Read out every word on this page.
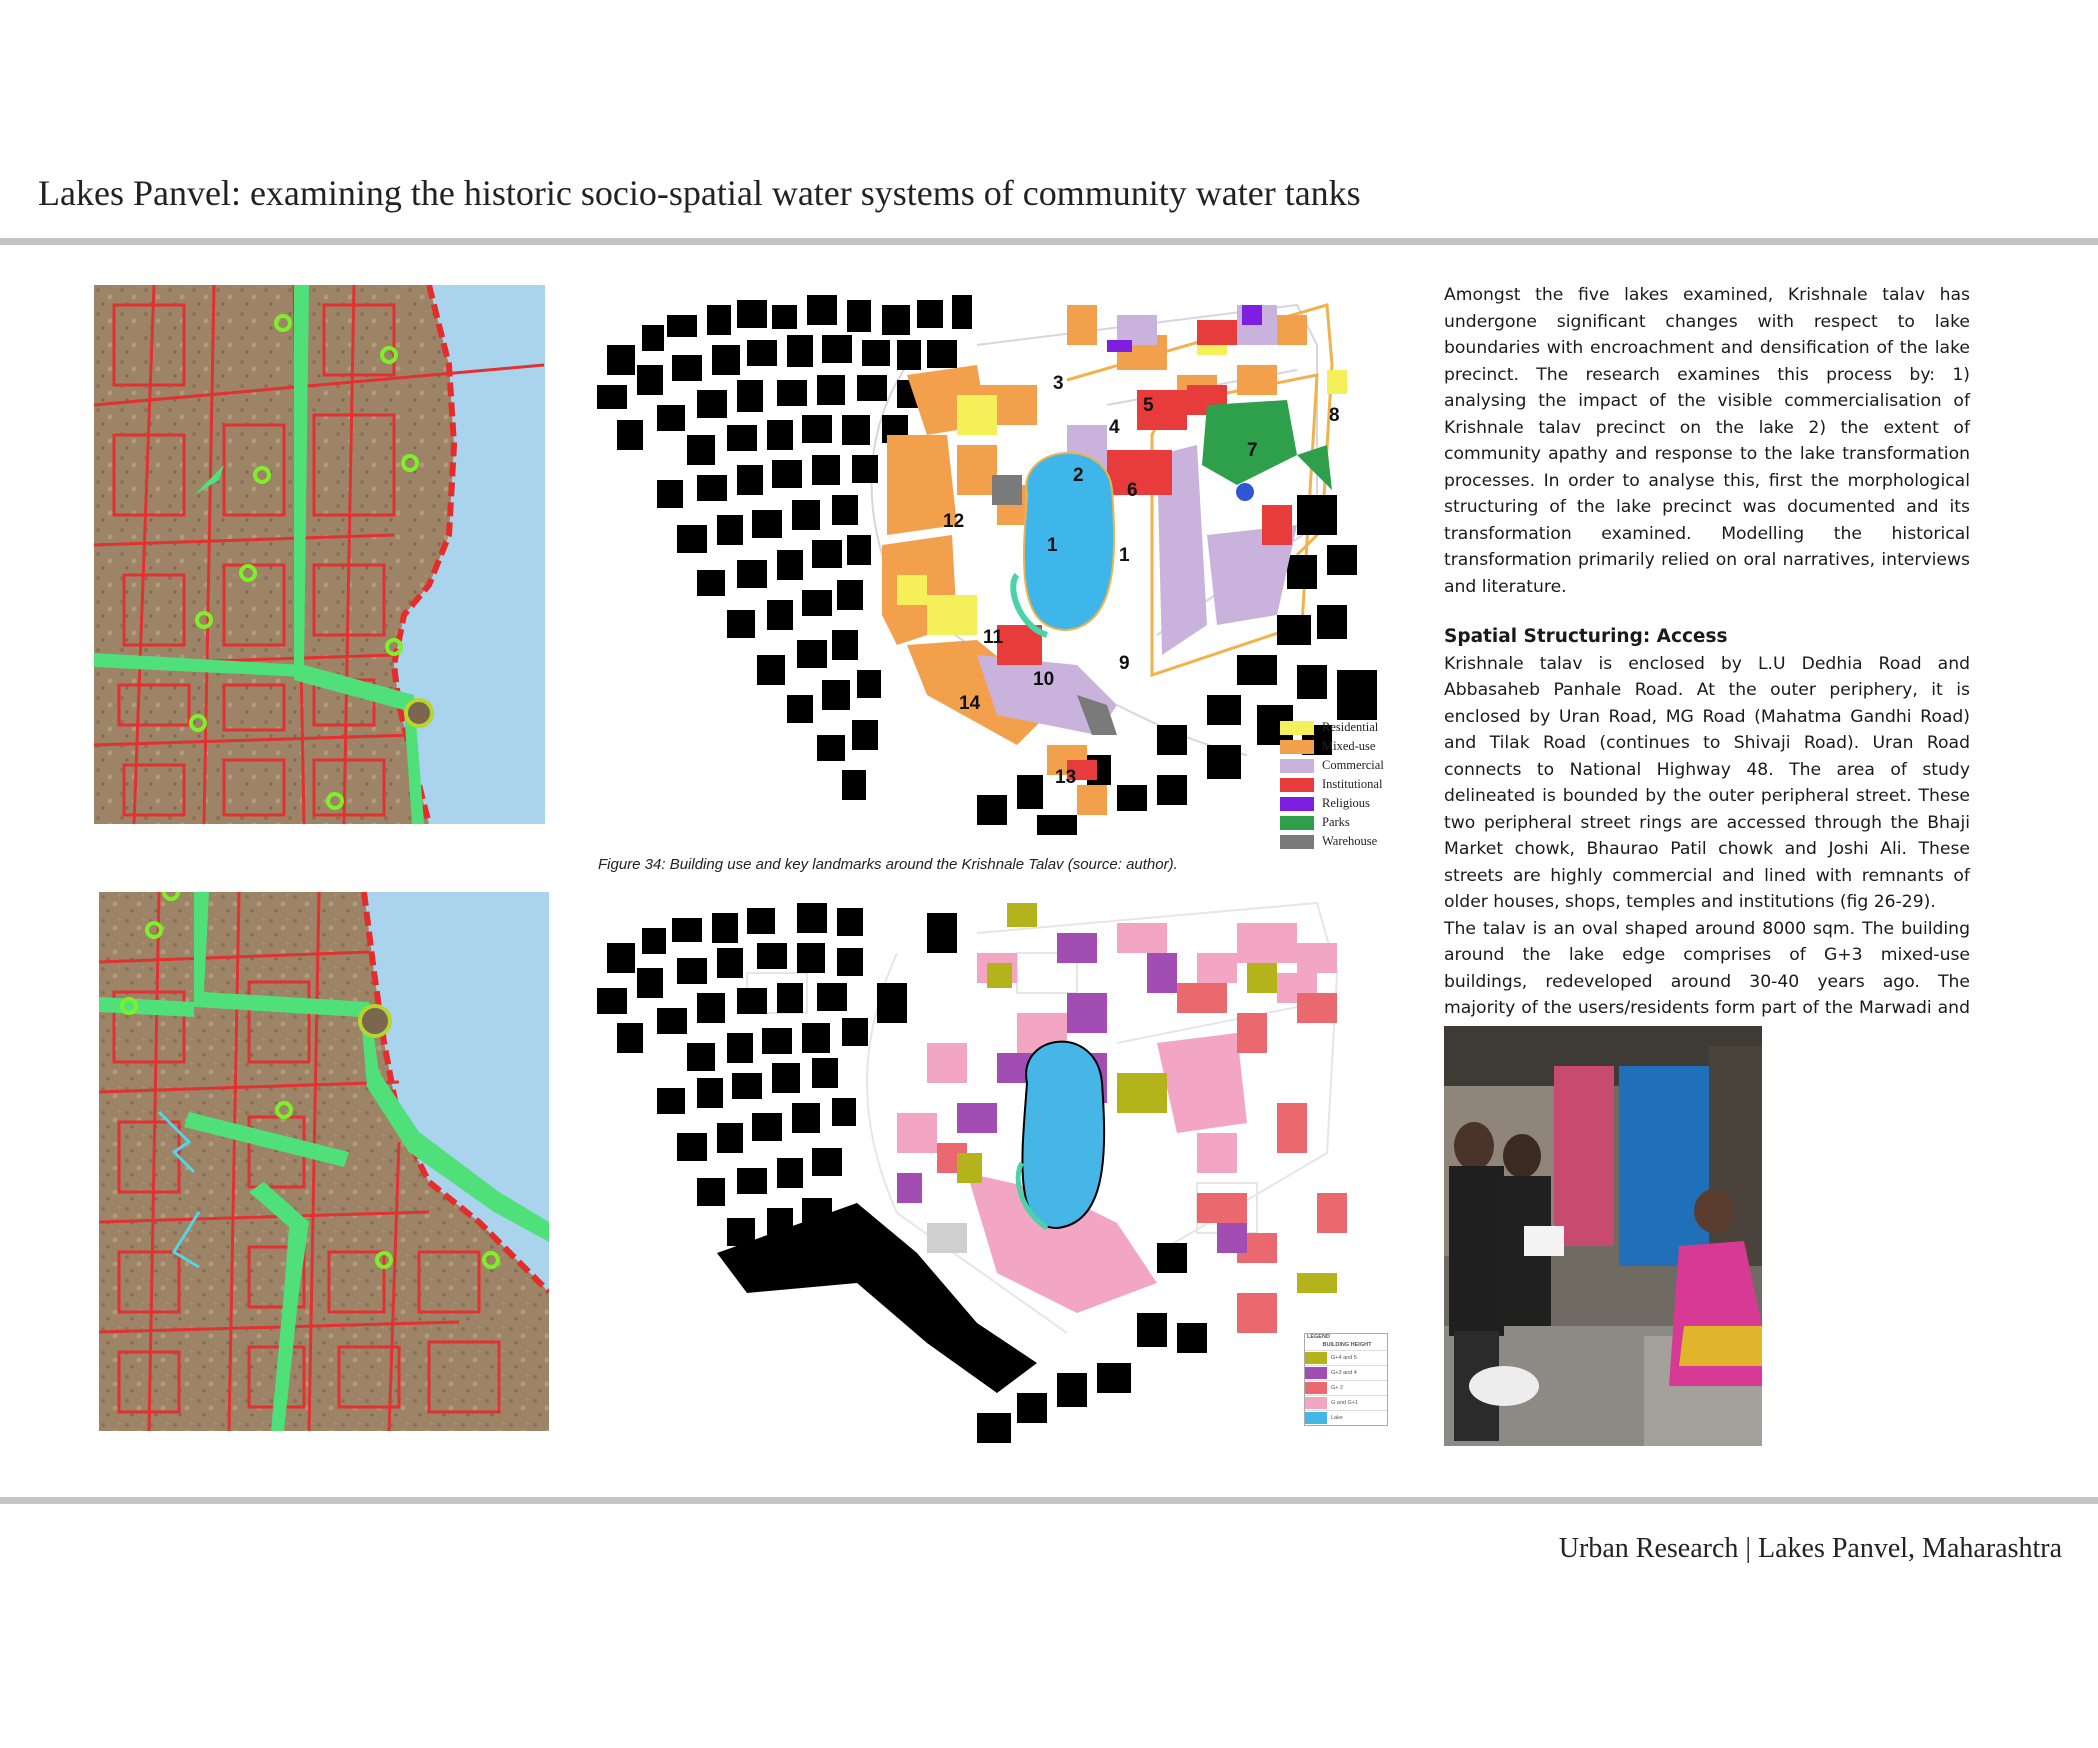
Lakes Panvel: examining the historic socio-spatial water systems of community water tanks
1	1
2
3
4
5
6
7
8
9
10
11
12
13
14
Residential
Mixed-use
Commercial
Institutional
Religious
Parks
Warehouse
Figure 34: Building use and key landmarks around the Krishnale Talav (source: author).
LEGEND
BUILDING HEIGHT
G+4 and 5
G+3 and 4
G+ 2
G and G+1
Lake

Amongst the five lakes examined, Krishnale talav has undergone significant changes with respect to lake boundaries with encroachment and densification of the lake precinct. The research examines this process by: 1) analysing the impact of the visible commercialisation of Krishnale talav precinct on the lake 2) the extent of community apathy and response to the lake transformation processes. In order to analyse this, first the morphological structuring of the lake precinct was documented and its transformation examined. Modelling the historical transformation primarily relied on oral narratives, interviews and literature.

Spatial Structuring: Access

Krishnale talav is enclosed by L.U Dedhia Road and Abbasaheb Panhale Road. At the outer periphery, it is enclosed by Uran Road, MG Road (Mahatma Gandhi Road) and Tilak Road (continues to Shivaji Road). Uran Road connects to National Highway 48. The area of study delineated is bounded by the outer peripheral street. These two peripheral street rings are accessed through the Bhaji Market chowk, Bhaurao Patil chowk and Joshi Ali. These streets are highly commercial and lined with remnants of older houses, shops, temples and institutions (fig 26-29).

The talav is an oval shaped around 8000 sqm. The building around the lake edge comprises of G+3 mixed-use buildings, redeveloped around 30-40 years ago. The majority of the users/residents form part of the Marwadi and

Urban Research | Lakes Panvel, Maharashtra
